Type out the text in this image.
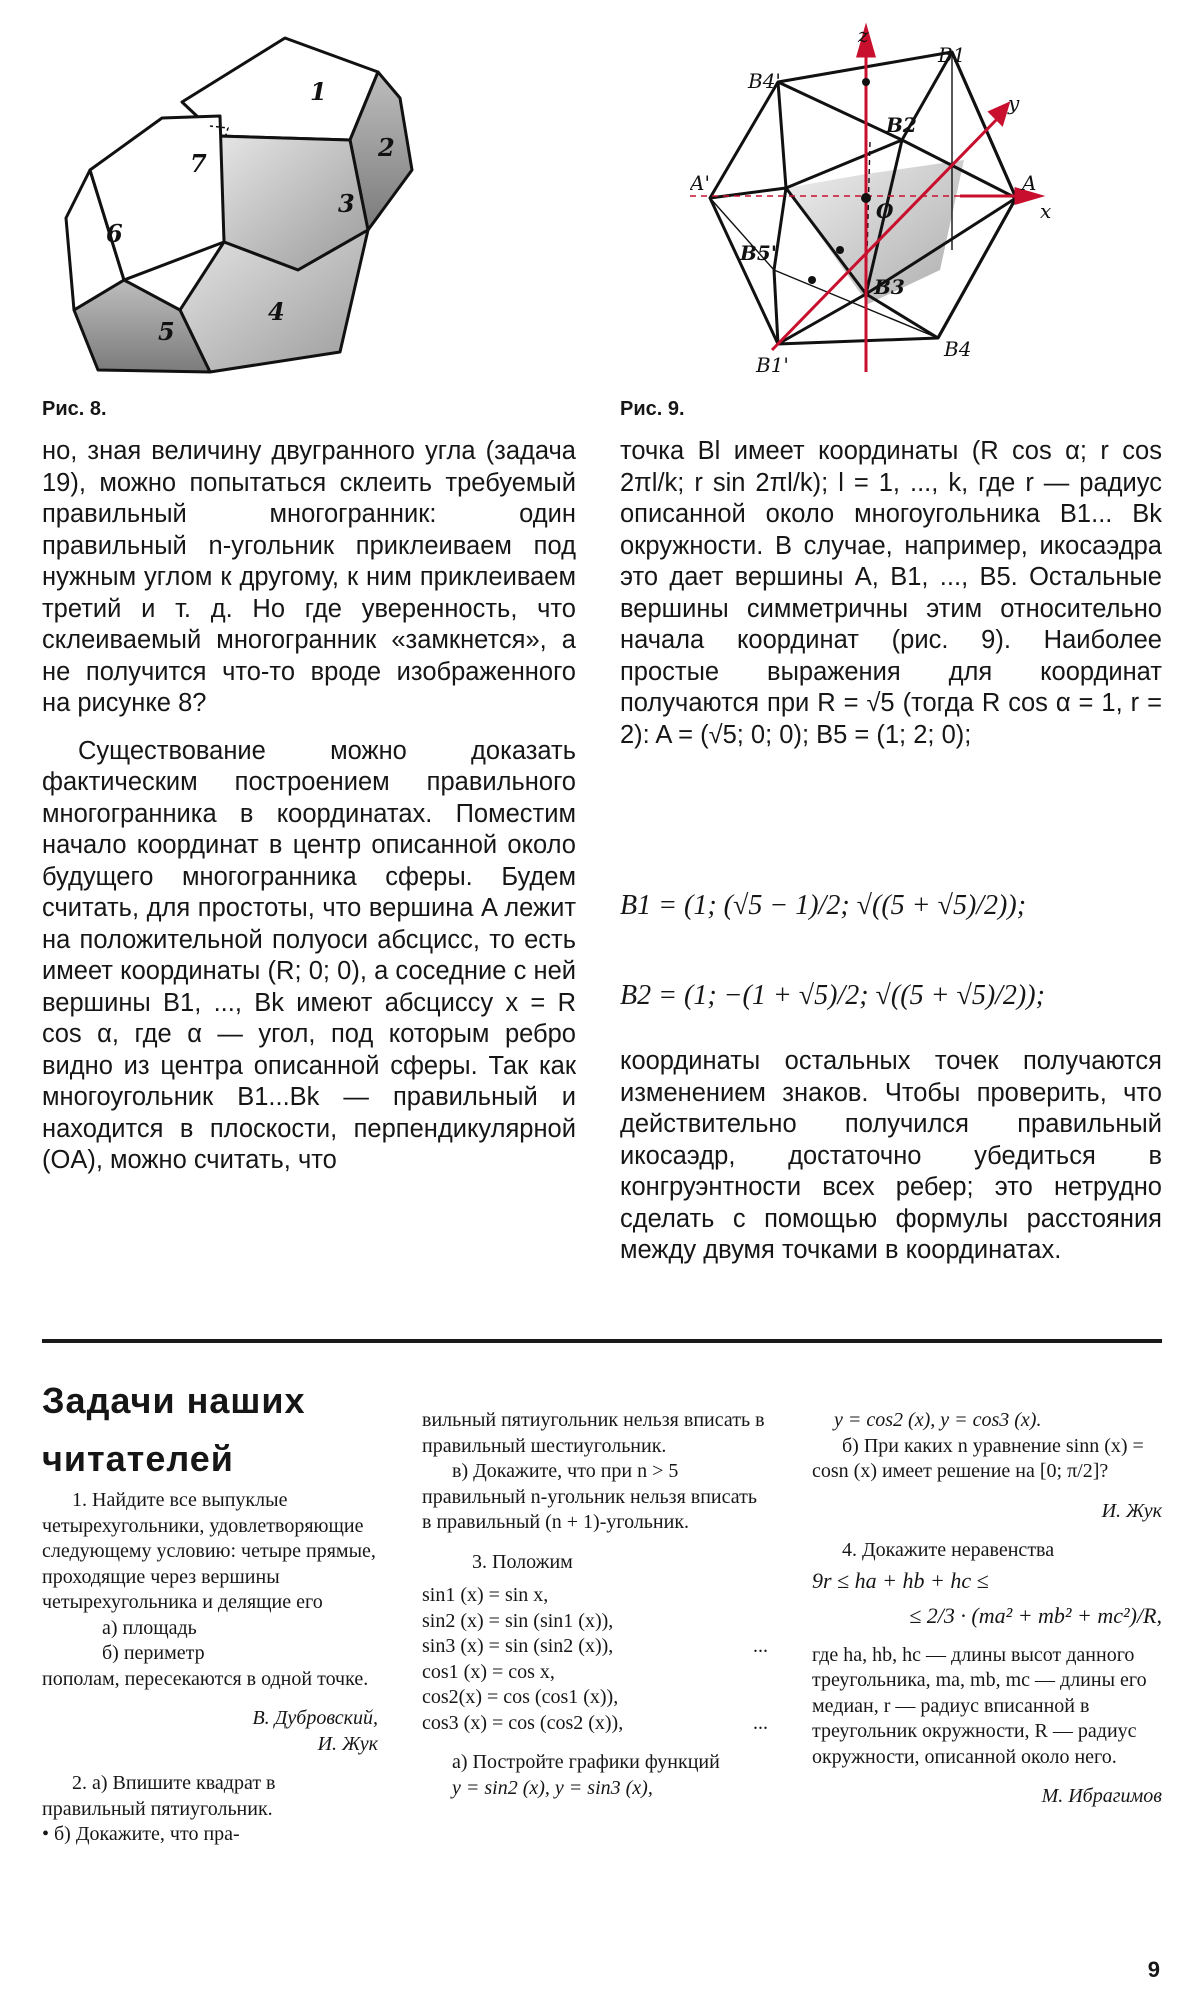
1
2
3
4
5
6
7
Рис. 8.
z
y
x
B1
B4'
B2
A'	A
O
B5'
B3
B4
B1'
Рис. 9.

но, зная величину двугранного угла (задача 19), можно попытаться склеить требуемый правильный многогранник: один правильный n-угольник приклеиваем под нужным углом к другому, к ним приклеиваем третий и т. д. Но где уверенность, что склеиваемый многогранник «замкнется», а не получится что-то вроде изображенного на рисунке 8?

Существование можно доказать фактическим построением правильного многогранника в координатах. Поместим начало координат в центр описанной около будущего многогранника сферы. Будем считать, для простоты, что вершина A лежит на положительной полуоси абсцисс, то есть имеет координаты (R; 0; 0), а соседние с ней вершины B1, ..., Bk имеют абсциссу x = R cos α, где α — угол, под которым ребро видно из центра описанной сферы. Так как многоугольник B1...Bk — правильный и находится в плоскости, перпендикулярной (OA), можно считать, что

точка Bl имеет координаты (R cos α; r cos 2πl/k; r sin 2πl/k); l = 1, ..., k, где r — радиус описанной около многоугольника B1... Bk окружности. В случае, например, икосаэдра это дает вершины A, B1, ..., B5. Остальные вершины симметричны этим относительно начала координат (рис. 9). Наиболее простые выражения для координат получаются при R = √5 (тогда R cos α = 1, r = 2): A = (√5; 0; 0); B5 = (1; 2; 0);

B1 = (1; (√5 − 1)/2; √((5 + √5)/2));
B2 = (1; −(1 + √5)/2; √((5 + √5)/2));

координаты остальных точек получаются изменением знаков. Чтобы проверить, что действительно получился правильный икосаэдр, достаточно убедиться в конгруэнтности всех ребер; это нетрудно сделать с помощью формулы расстояния между двумя точками в координатах.

Задачи наших читателей

1. Найдите все выпуклые четырехугольники, удовлетворяющие следующему условию: четыре прямые, проходящие через вершины четырехугольника и делящие его

а) площадь

б) периметр

пополам, пересекаются в одной точке.

В. Дубровский,

И. Жук

2. а) Впишите квадрат в правильный пятиугольник.

• б) Докажите, что пра-

вильный пятиугольник нельзя вписать в правильный шестиугольник.

в) Докажите, что при n > 5 правильный n-угольник нельзя вписать в правильный (n + 1)-угольник.

3. Положим

sin1 (x) = sin x,

sin2 (x) = sin (sin1 (x)),

sin3 (x) = sin (sin2 (x)),	...

cos1 (x) = cos x,

cos2(x) = cos (cos1 (x)),

cos3 (x) = cos (cos2 (x)),	...

а) Постройте графики функций

y = sin2 (x), y = sin3 (x),

y = cos2 (x), y = cos3 (x).

б) При каких n уравнение sinn (x) = cosn (x) имеет решение на [0; π/2]?

И. Жук

4. Докажите неравенства

9r ≤ ha + hb + hc ≤

≤ 2/3 · (ma² + mb² + mc²)/R,

где ha, hb, hc — длины высот данного треугольника, ma, mb, mc — длины его медиан, r — радиус вписанной в треугольник окружности, R — радиус окружности, описанной около него.

М. Ибрагимов

9
